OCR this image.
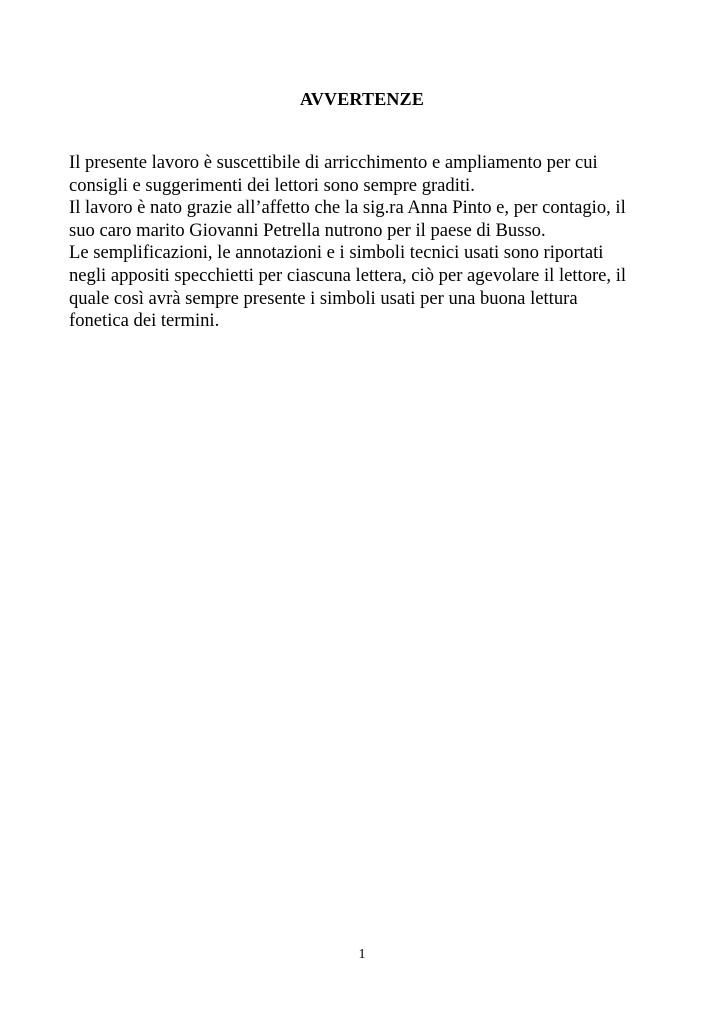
AVVERTENZE
Il presente lavoro è suscettibile di arricchimento e ampliamento per cui
consigli e suggerimenti dei lettori sono sempre graditi.
Il lavoro è nato grazie all’affetto che la sig.ra Anna Pinto e, per contagio, il
suo caro marito Giovanni Petrella nutrono per il paese di Busso.
Le semplificazioni, le annotazioni e i simboli tecnici usati sono riportati
negli appositi specchietti per ciascuna lettera, ciò per agevolare il lettore, il
quale così avrà sempre presente i simboli usati per una buona lettura
fonetica dei termini.
1
